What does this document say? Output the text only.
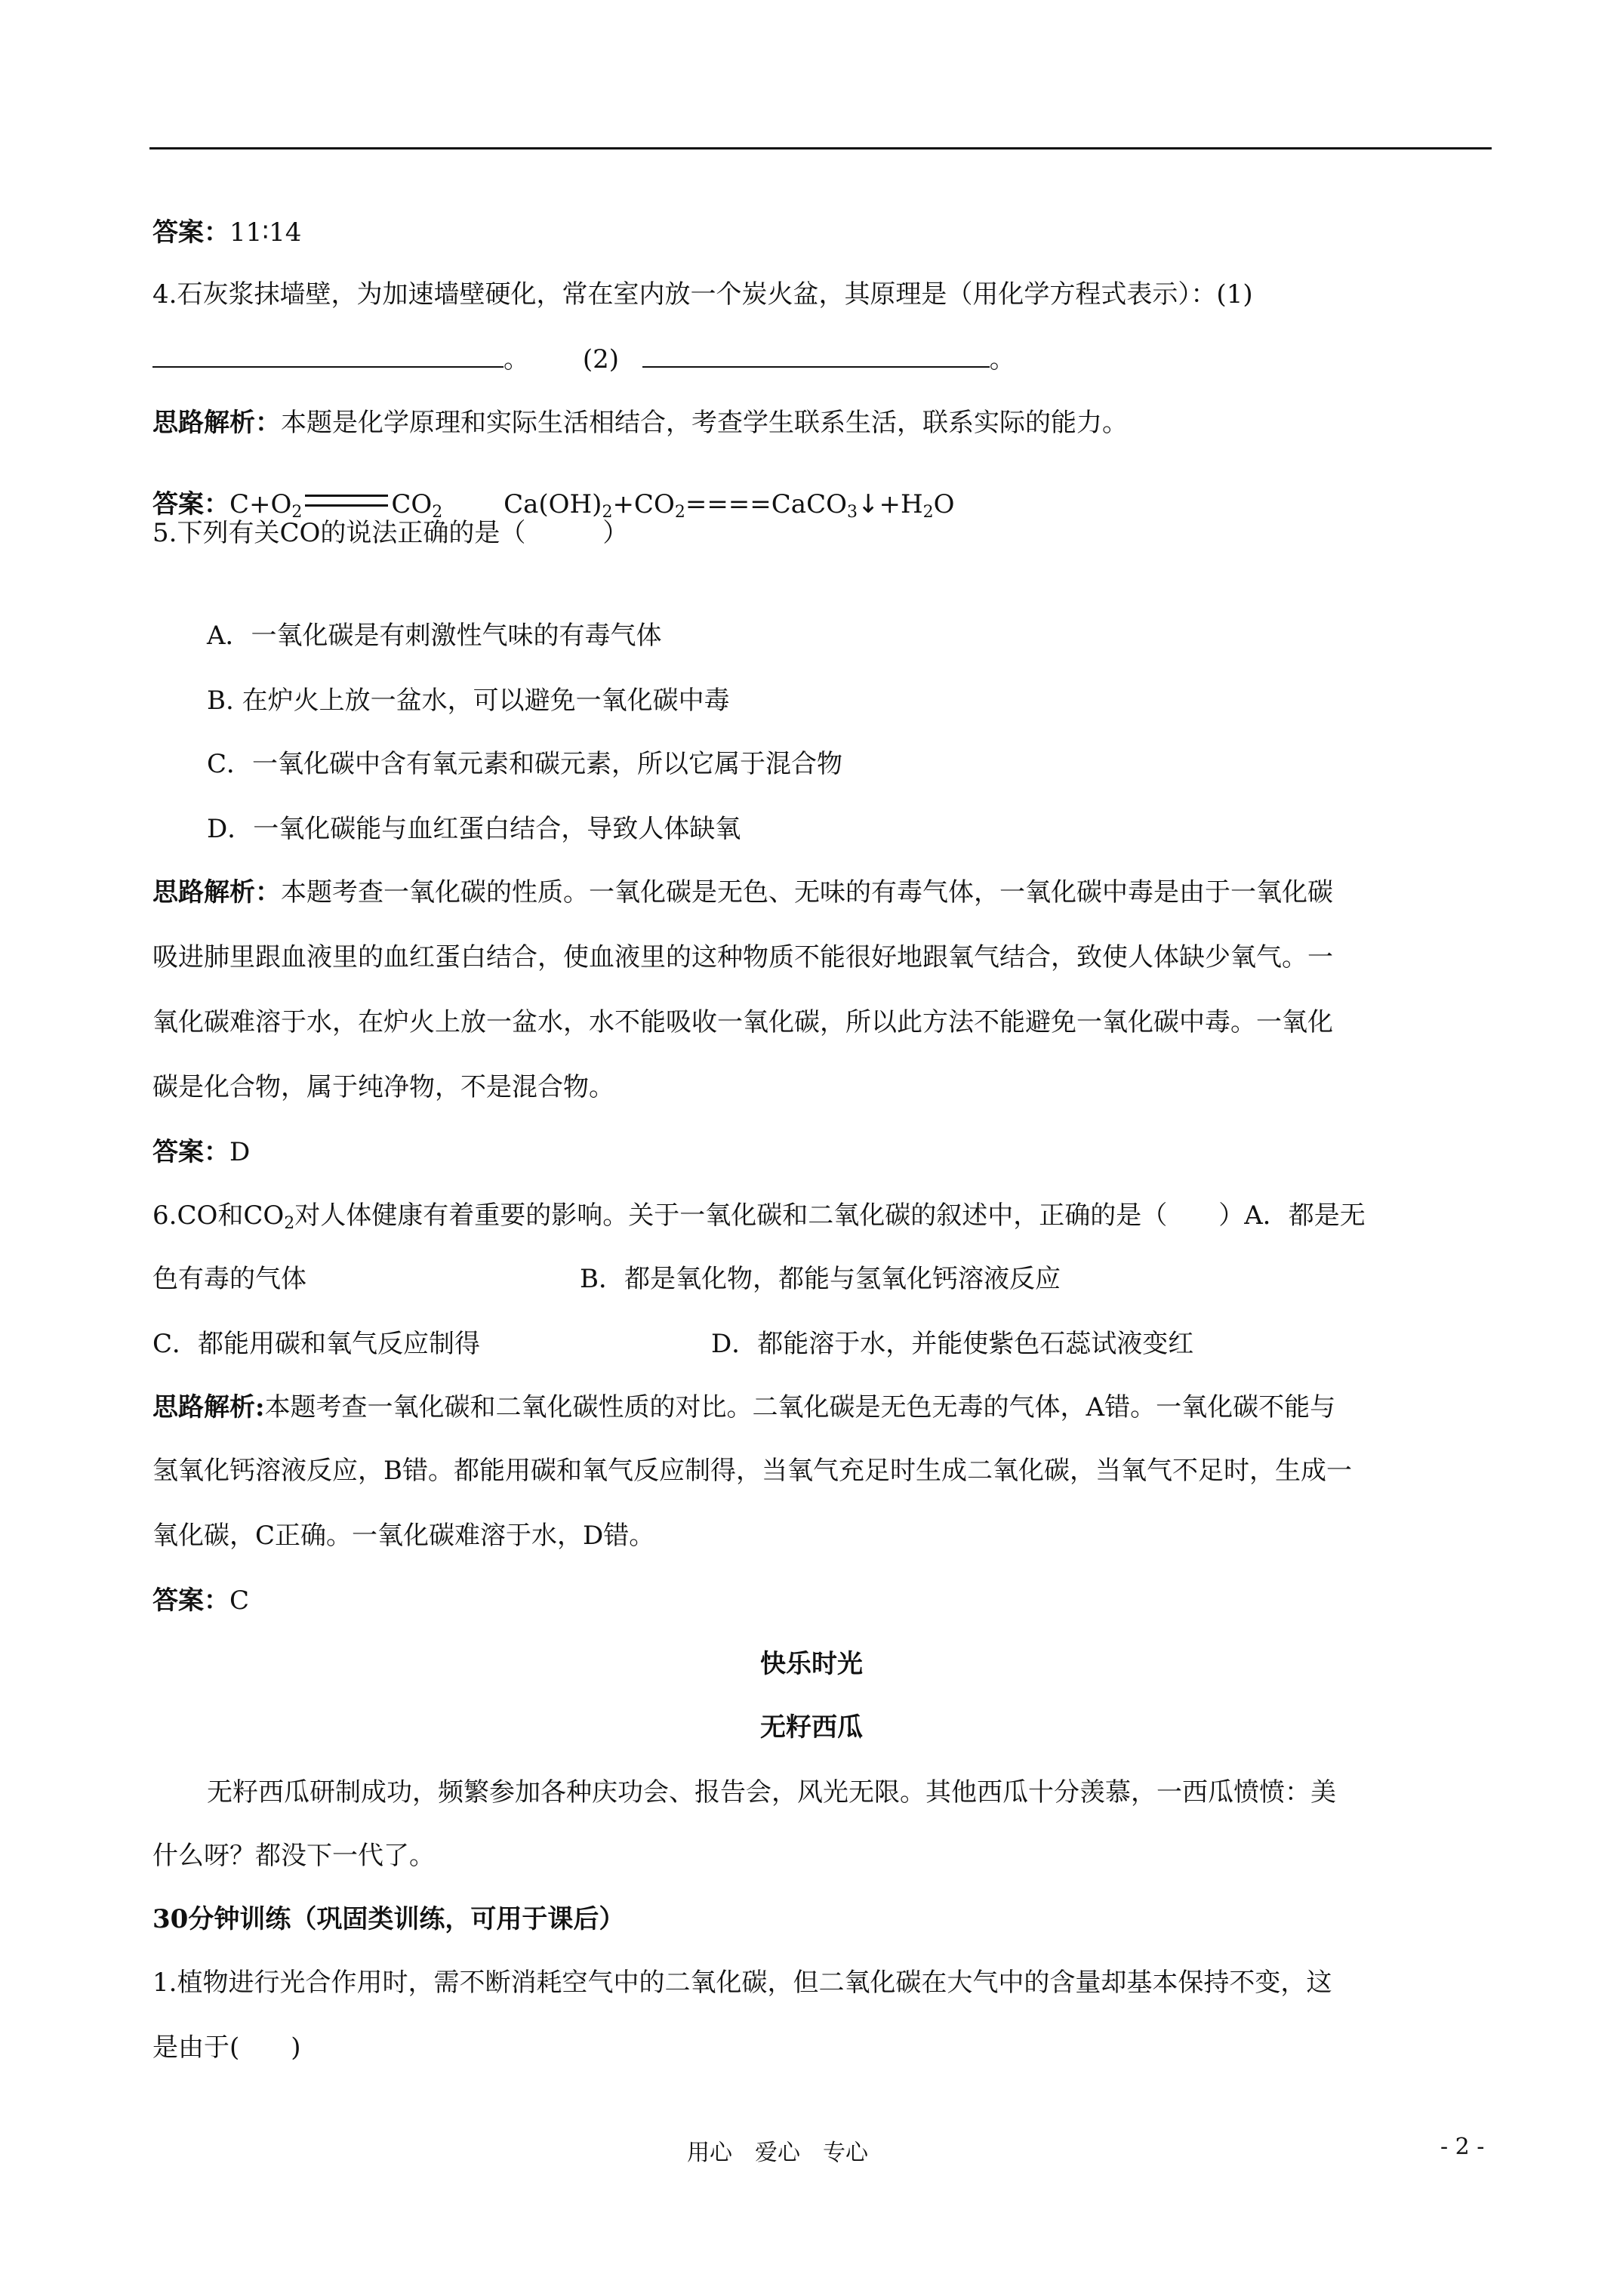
答案：11∶14
4.石灰浆抹墙壁，为加速墙壁硬化，常在室内放一个炭火盆，其原理是（用化学方程式表示）：(1)
。 (2)	。
思路解析：本题是化学原理和实际生活相结合，考查学生联系生活，联系实际的能力。
答案：$C+O_2$	$CO_2$ $Ca(OH)_2+CO_2====CaCO_3↓+H_2O$
5.下列有关CO的说法正确的是（　　　）
A．一氧化碳是有刺激性气味的有毒气体
B. 在炉火上放一盆水，可以避免一氧化碳中毒
C．一氧化碳中含有氧元素和碳元素，所以它属于混合物
D．一氧化碳能与血红蛋白结合，导致人体缺氧
思路解析：本题考查一氧化碳的性质。一氧化碳是无色、无味的有毒气体，一氧化碳中毒是由于一氧化碳
吸进肺里跟血液里的血红蛋白结合，使血液里的这种物质不能很好地跟氧气结合，致使人体缺少氧气。一
氧化碳难溶于水，在炉火上放一盆水，水不能吸收一氧化碳，所以此方法不能避免一氧化碳中毒。一氧化
碳是化合物，属于纯净物，不是混合物。
答案：D
6.CO和$CO_2$对人体健康有着重要的影响。关于一氧化碳和二氧化碳的叙述中，正确的是（　　）A．都是无
色有毒的气体	B．都是氧化物，都能与氢氧化钙溶液反应
C．都能用碳和氧气反应制得	D．都能溶于水，并能使紫色石蕊试液变红
思路解析:本题考查一氧化碳和二氧化碳性质的对比。二氧化碳是无色无毒的气体，A错。一氧化碳不能与
氢氧化钙溶液反应，B错。都能用碳和氧气反应制得，当氧气充足时生成二氧化碳，当氧气不足时，生成一
氧化碳，C正确。一氧化碳难溶于水，D错。
答案：C
快乐时光
无籽西瓜
无籽西瓜研制成功，频繁参加各种庆功会、报告会，风光无限。其他西瓜十分羡慕，一西瓜愤愤：美
什么呀？都没下一代了。
30分钟训练（巩固类训练，可用于课后）
1.植物进行光合作用时，需不断消耗空气中的二氧化碳，但二氧化碳在大气中的含量却基本保持不变，这
是由于(　　)
用心　爱心　专心	- 2 -
